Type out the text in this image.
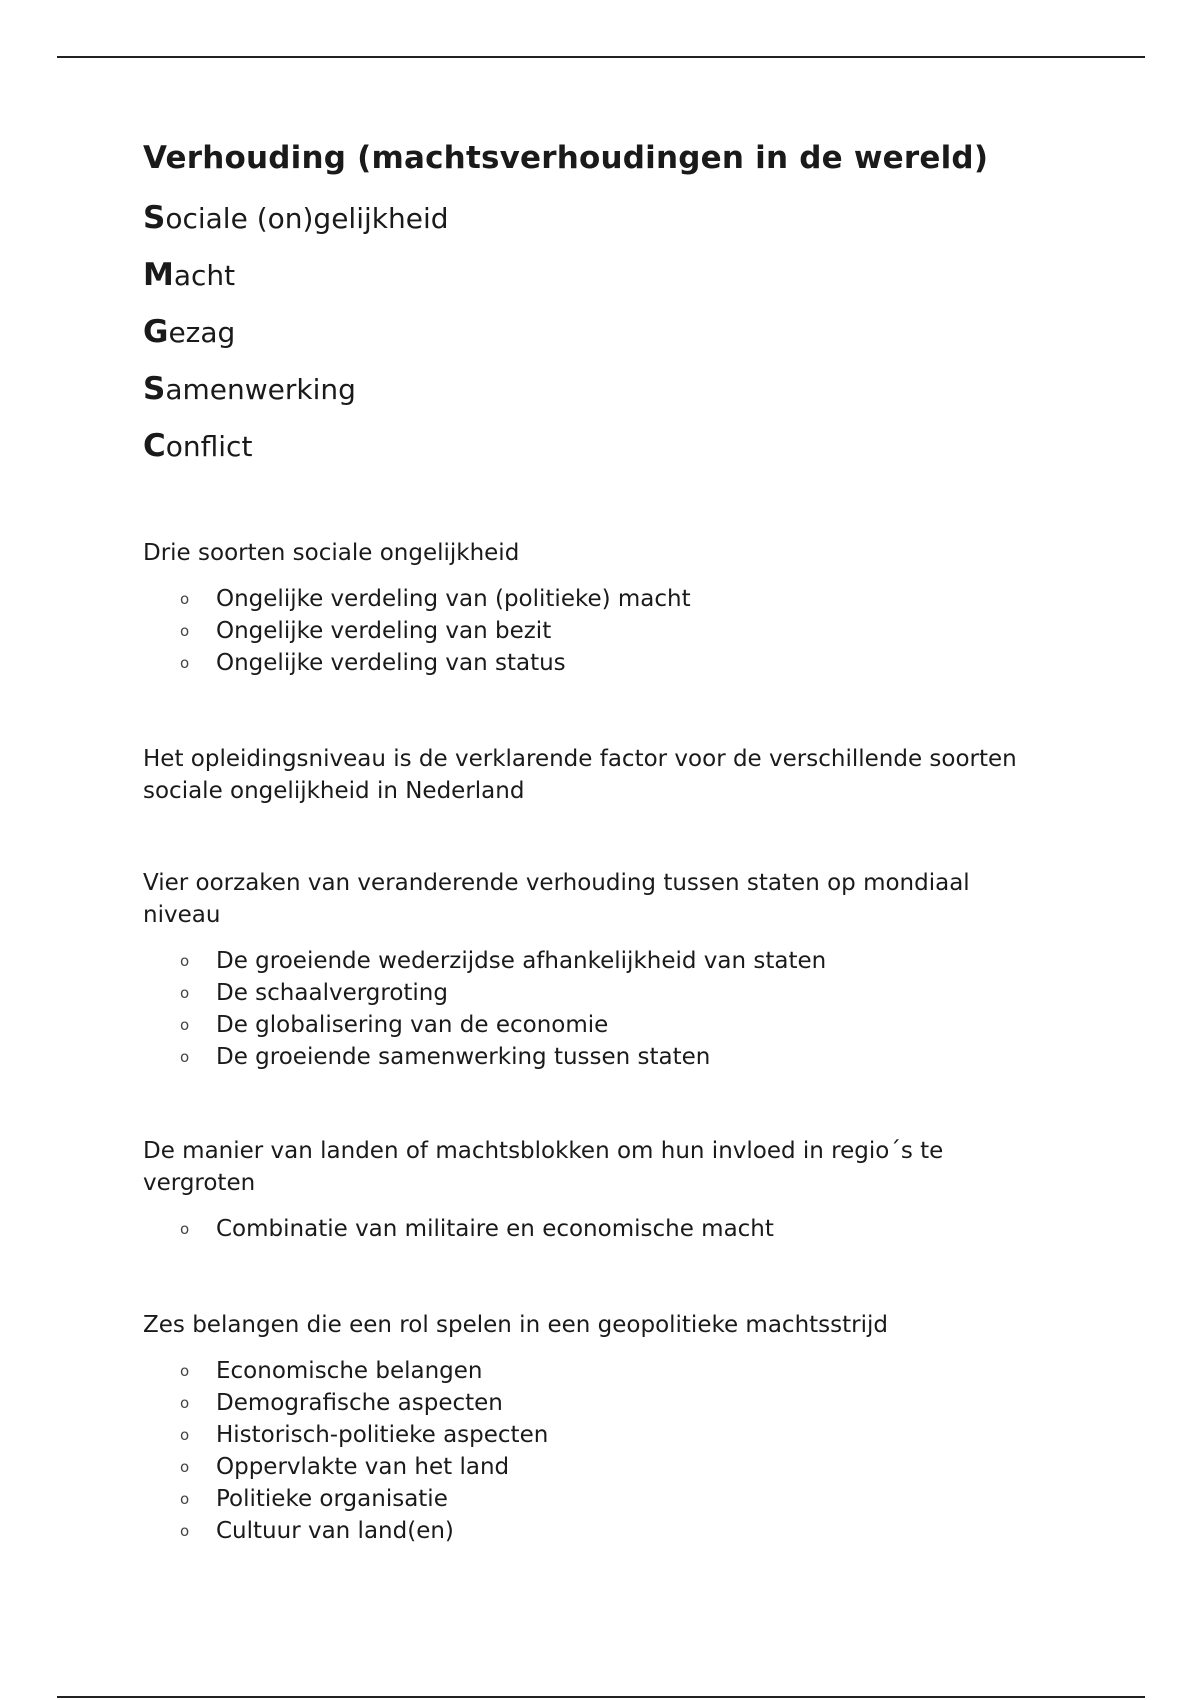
Verhouding (machtsverhoudingen in de wereld)

Sociale (on)gelijkheid

Macht

Gezag

Samenwerking

Conflict

Drie soorten sociale ongelijkheid

o Ongelijke verdeling van (politieke) macht
o Ongelijke verdeling van bezit
o Ongelijke verdeling van status

Het opleidingsniveau is de verklarende factor voor de verschillende soorten sociale ongelijkheid in Nederland

Vier oorzaken van veranderende verhouding tussen staten op mondiaal niveau

o De groeiende wederzijdse afhankelijkheid van staten
o De schaalvergroting
o De globalisering van de economie
o De groeiende samenwerking tussen staten

De manier van landen of machtsblokken om hun invloed in regio´s te vergroten

o Combinatie van militaire en economische macht

Zes belangen die een rol spelen in een geopolitieke machtsstrijd

o Economische belangen
o Demografische aspecten
o Historisch-politieke aspecten
o Oppervlakte van het land
o Politieke organisatie
o Cultuur van land(en)
